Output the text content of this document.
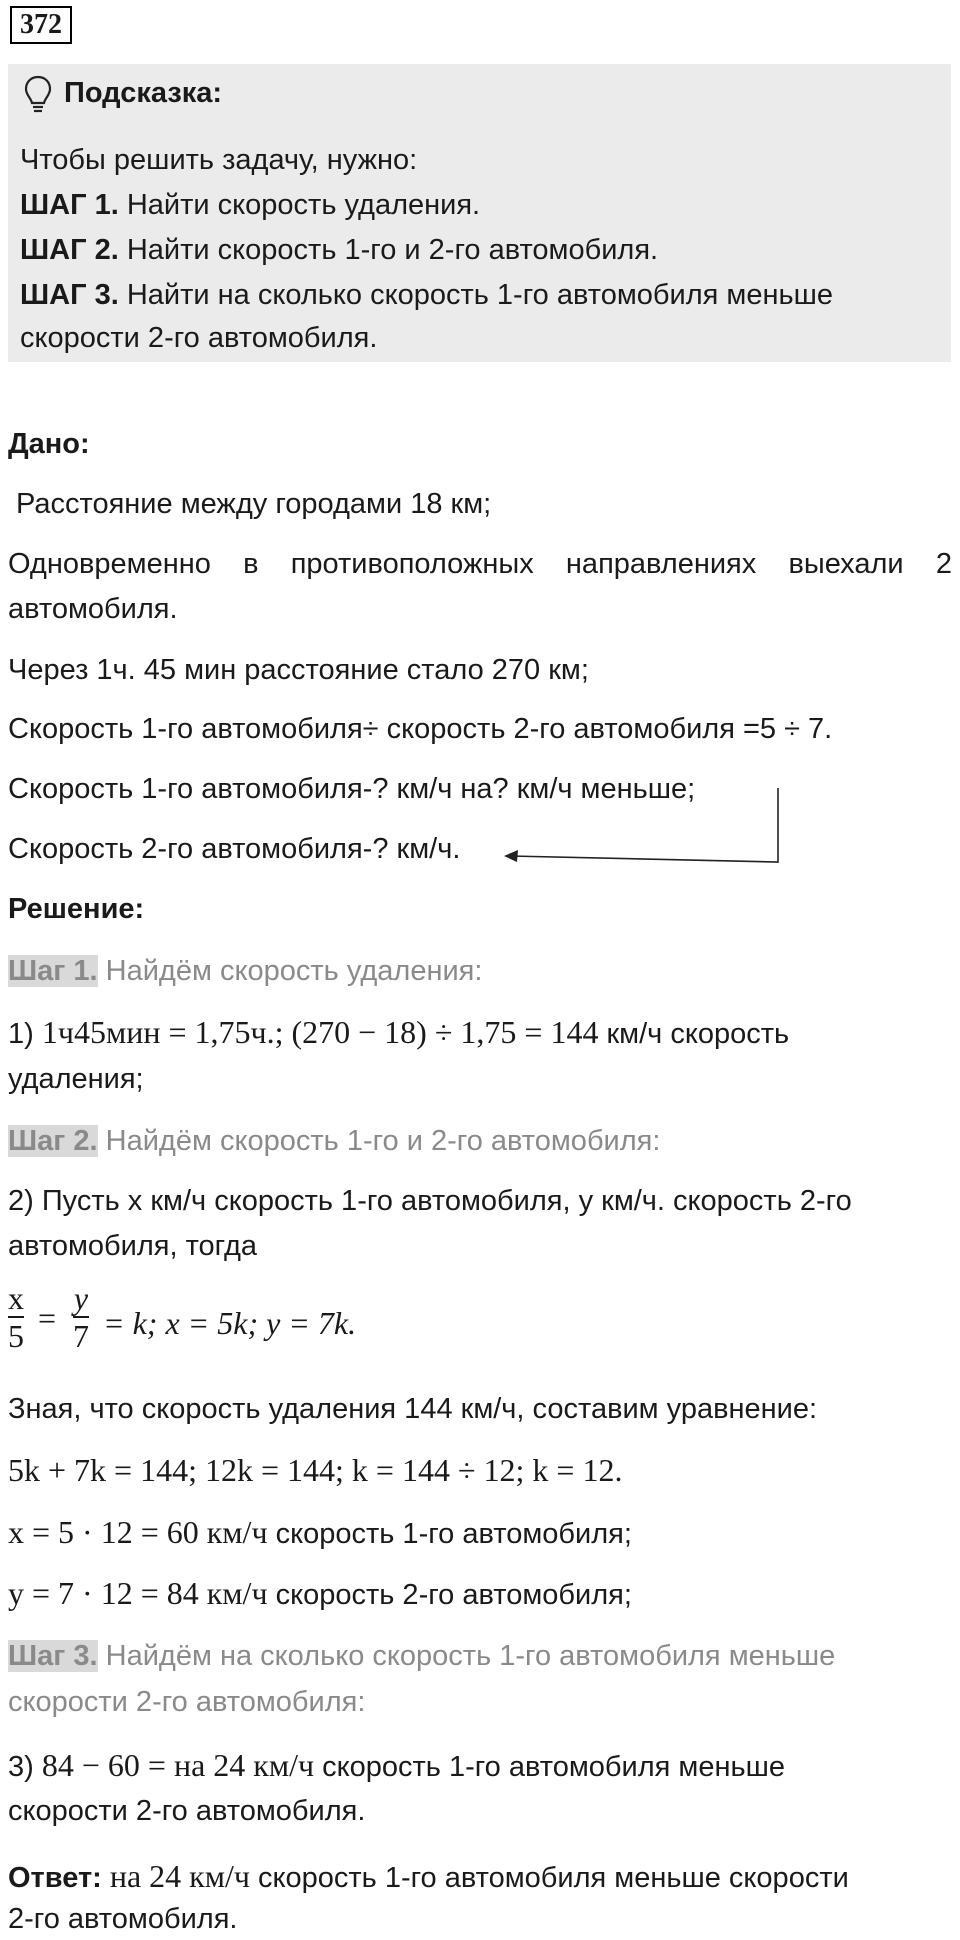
372
Подсказка:
Чтобы решить задачу, нужно:
ШАГ 1. Найти скорость удаления.
ШАГ 2. Найти скорость 1-го и 2-го автомобиля.
ШАГ 3. Найти на сколько скорость 1-го автомобиля меньше
скорости 2-го автомобиля.
Дано:
Расстояние между городами 18 км;
Одновременно в противоположных направлениях выехали 2
автомобиля.
Через 1ч. 45 мин расстояние стало 270 км;
Скорость 1-го автомобиля÷ скорость 2-го автомобиля =5 ÷ 7.
Скорость 1-го автомобиля-? км/ч на? км/ч меньше;
Скорость 2-го автомобиля-? км/ч.
Решение:
Шаг 1. Найдём скорость удаления:
1) 1ч45мин = 1,75ч.; (270 − 18) ÷ 1,75 = 144 км/ч скорость
удаления;
Шаг 2. Найдём скорость 1-го и 2-го автомобиля:
2) Пусть х км/ч скорость 1-го автомобиля, у км/ч. скорость 2-го
автомобиля, тогда
x
5 =
y
7 = k; x = 5k; y = 7k.
Зная, что скорость удаления 144 км/ч, составим уравнение:
5k + 7k = 144; 12k = 144; k = 144 ÷ 12; k = 12.
x = 5 · 12 = 60 км/ч скорость 1-го автомобиля;
y = 7 · 12 = 84 км/ч скорость 2-го автомобиля;
Шаг 3. Найдём на сколько скорость 1-го автомобиля меньше
скорости 2-го автомобиля:
3) 84 − 60 = на 24 км/ч скорость 1-го автомобиля меньше
скорости 2-го автомобиля.
Ответ: на 24 км/ч скорость 1-го автомобиля меньше скорости
2-го автомобиля.
